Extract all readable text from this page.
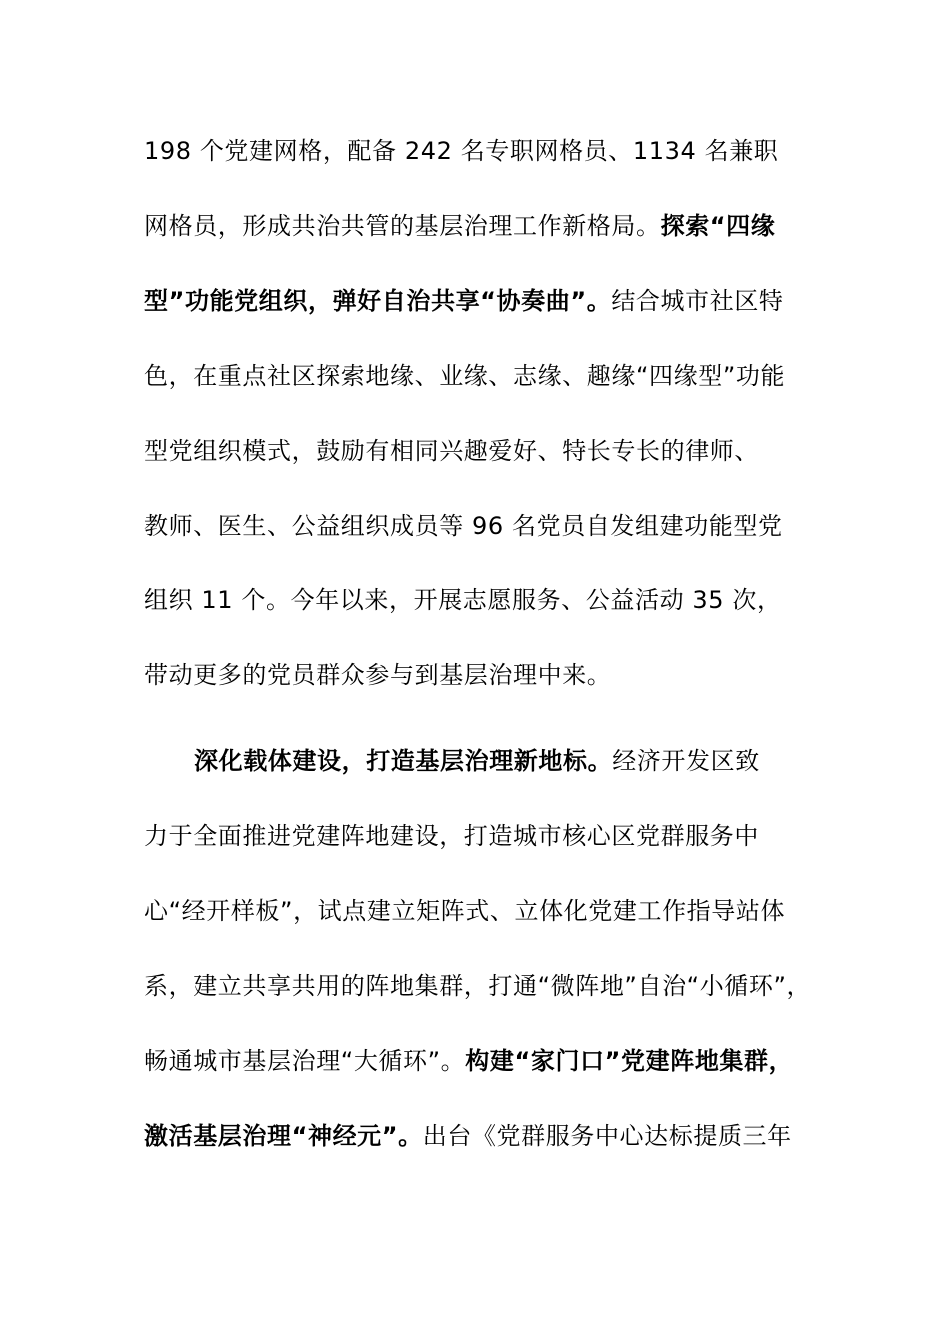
198 个党建网格，配备 242 名专职网格员、1134 名兼职
网格员，形成共治共管的基层治理工作新格局。探索“四缘
型”功能党组织，弹好自治共享“协奏曲”。结合城市社区特
色，在重点社区探索地缘、业缘、志缘、趣缘“四缘型”功能
型党组织模式，鼓励有相同兴趣爱好、特长专长的律师、
教师、医生、公益组织成员等 96 名党员自发组建功能型党
组织 11 个。今年以来，开展志愿服务、公益活动 35 次，
带动更多的党员群众参与到基层治理中来。
深化载体建设，打造基层治理新地标。经济开发区致
力于全面推进党建阵地建设，打造城市核心区党群服务中
心“经开样板”，试点建立矩阵式、立体化党建工作指导站体
系，建立共享共用的阵地集群，打通“微阵地”自治“小循环”，
畅通城市基层治理“大循环”。构建“家门口”党建阵地集群，
激活基层治理“神经元”。出台《党群服务中心达标提质三年
